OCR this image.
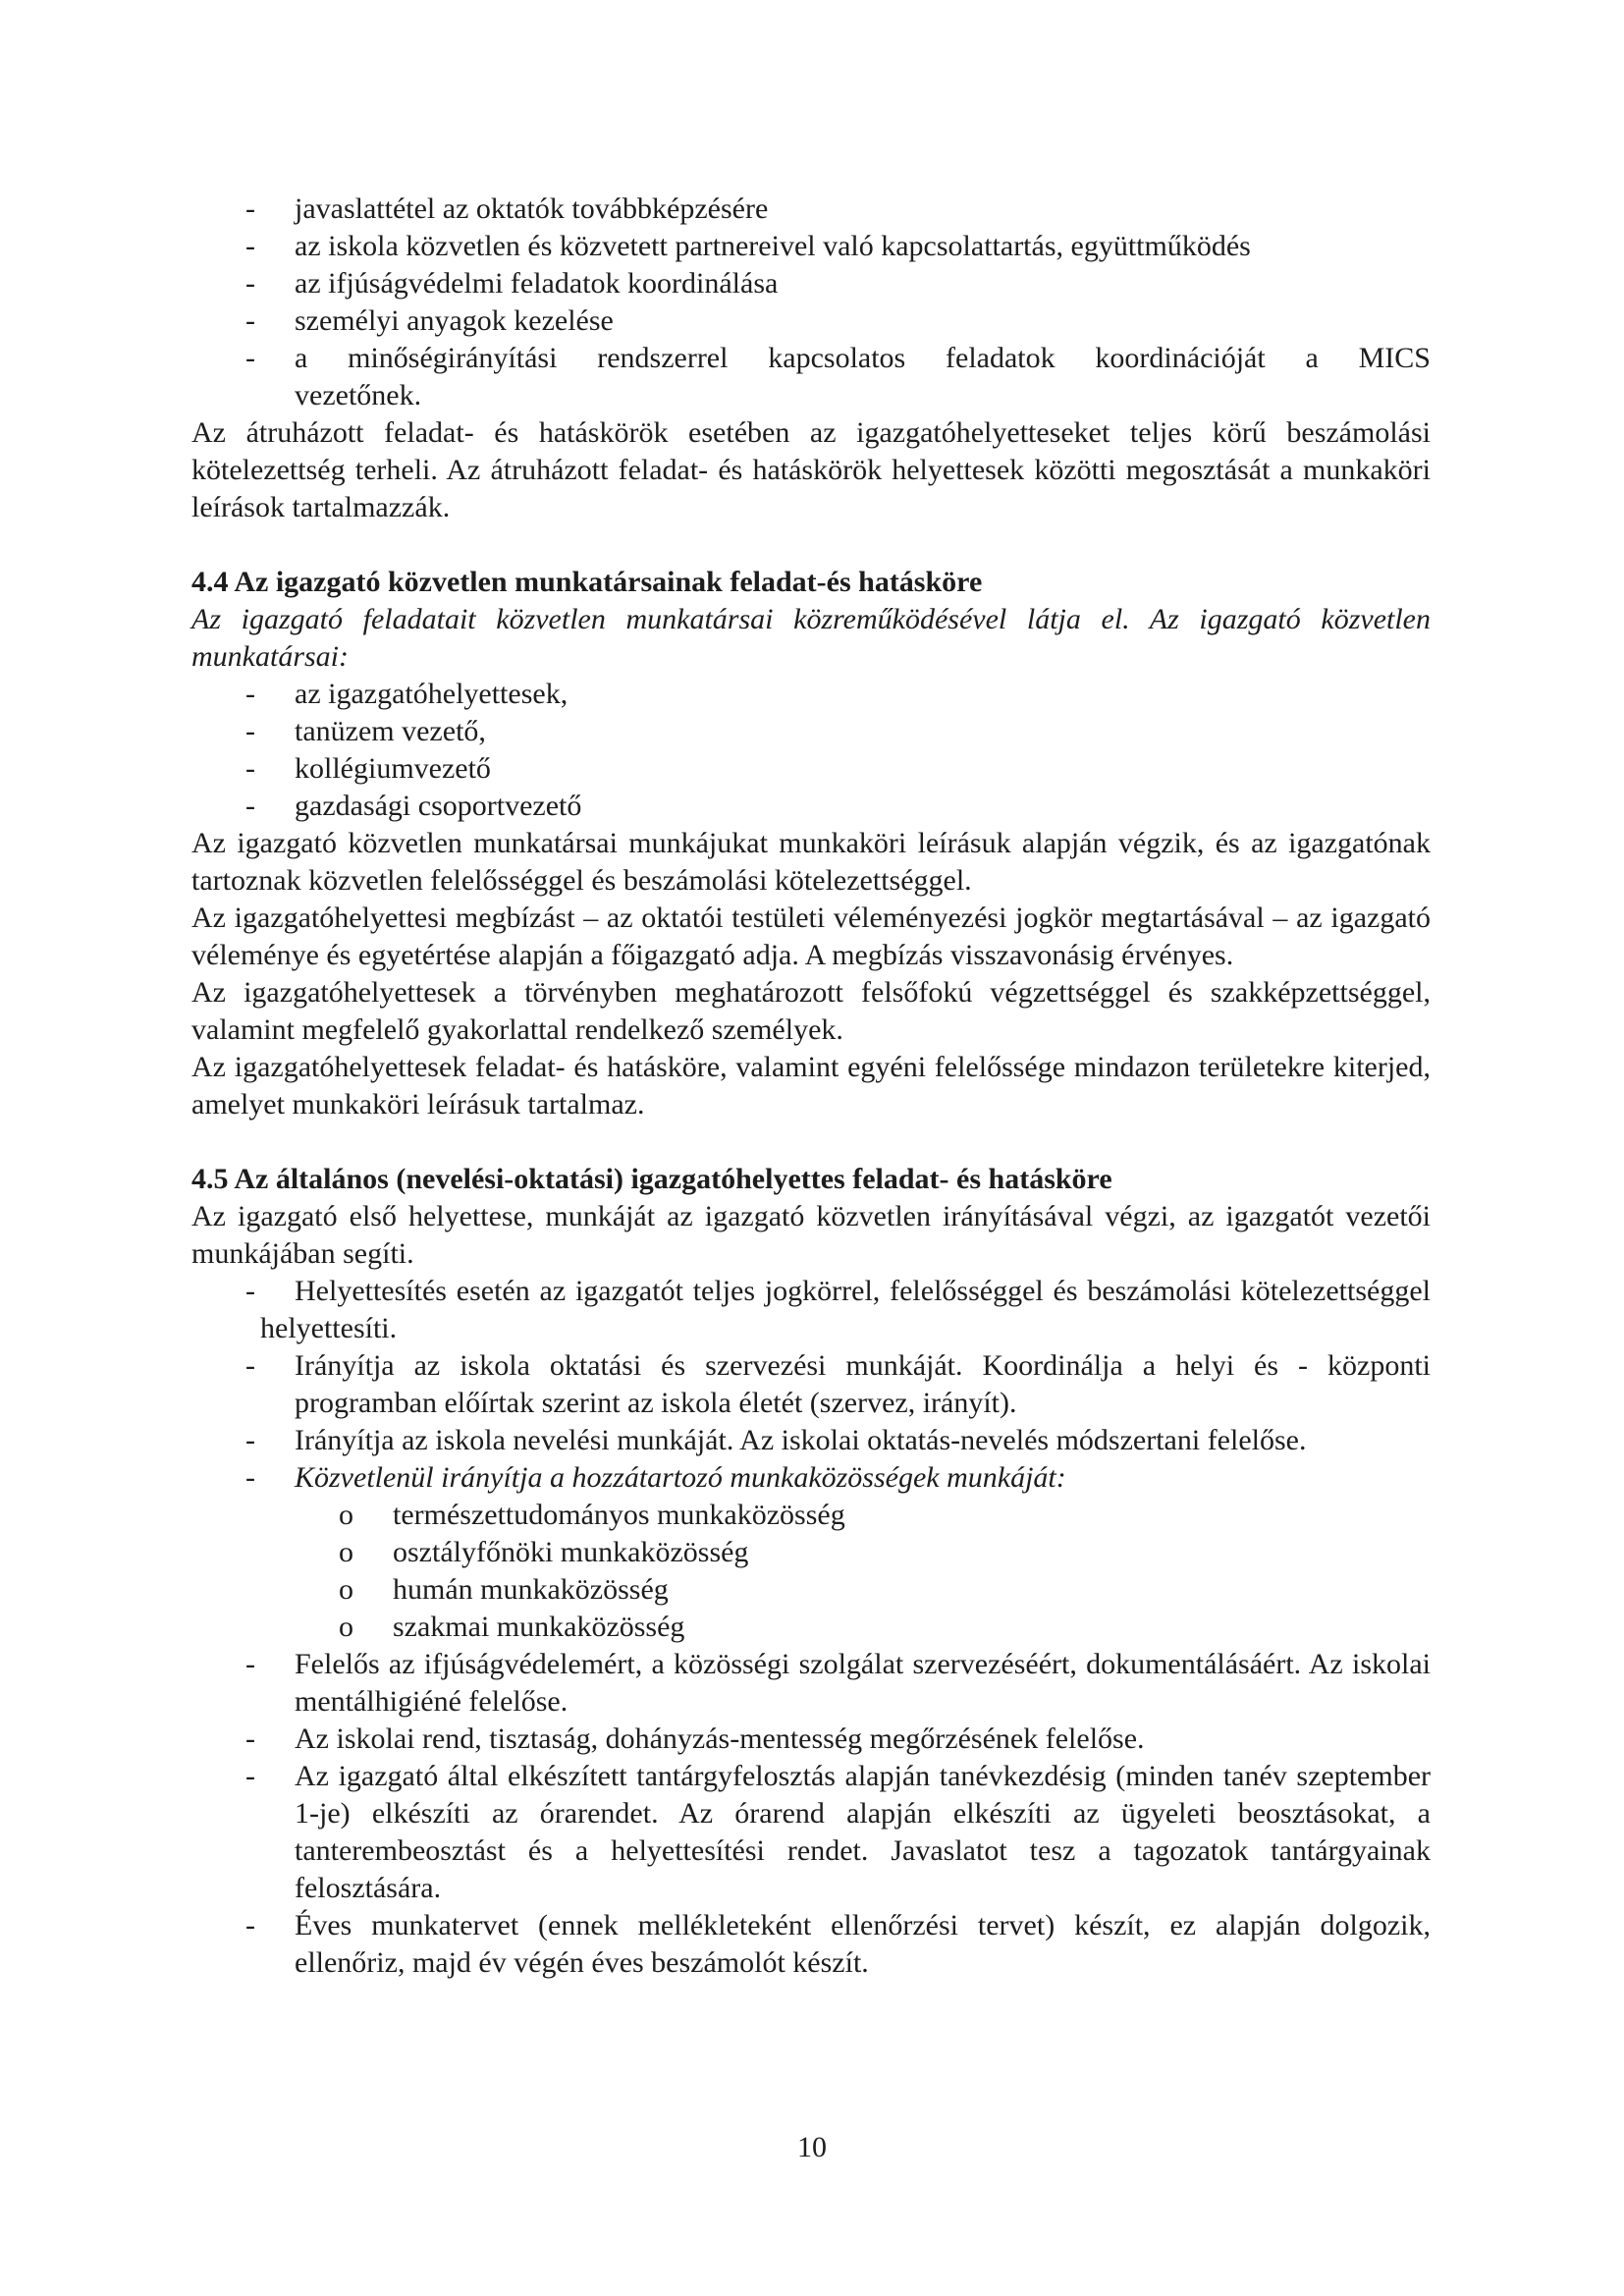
- javaslattétel az oktatók továbbképzésére
- az iskola közvetlen és közvetett partnereivel való kapcsolattartás, együttműködés
- az ifjúságvédelmi feladatok koordinálása
- személyi anyagok kezelése
- a minőségirányítási rendszerrel kapcsolatos feladatok koordinációját a MICS
vezetőnek.

Az átruházott feladat- és hatáskörök esetében az igazgatóhelyetteseket teljes körű beszámolási kötelezettség terheli. Az átruházott feladat- és hatáskörök helyettesek közötti megosztását a munkaköri leírások tartalmazzák.

4.4 Az igazgató közvetlen munkatársainak feladat-és hatásköre

Az igazgató feladatait közvetlen munkatársai közreműködésével látja el. Az igazgató közvetlen munkatársai:

- az igazgatóhelyettesek,
- tanüzem vezető,
- kollégiumvezető
- gazdasági csoportvezető

Az igazgató közvetlen munkatársai munkájukat munkaköri leírásuk alapján végzik, és az igazgatónak tartoznak közvetlen felelősséggel és beszámolási kötelezettséggel.

Az igazgatóhelyettesi megbízást – az oktatói testületi véleményezési jogkör megtartásával – az igazgató véleménye és egyetértése alapján a főigazgató adja. A megbízás visszavonásig érvényes.

Az igazgatóhelyettesek a törvényben meghatározott felsőfokú végzettséggel és szakképzettséggel, valamint megfelelő gyakorlattal rendelkező személyek.

Az igazgatóhelyettesek feladat- és hatásköre, valamint egyéni felelőssége mindazon területekre kiterjed, amelyet munkaköri leírásuk tartalmaz.

4.5 Az általános (nevelési-oktatási) igazgatóhelyettes feladat- és hatásköre

Az igazgató első helyettese, munkáját az igazgató közvetlen irányításával végzi, az igazgatót vezetői munkájában segíti.

- Helyettesítés esetén az igazgatót teljes jogkörrel, felelősséggel és beszámolási kötelezettséggel helyettesíti.
- Irányítja az iskola oktatási és szervezési munkáját. Koordinálja a helyi és - központi programban előírtak szerint az iskola életét (szervez, irányít).
- Irányítja az iskola nevelési munkáját. Az iskolai oktatás-nevelés módszertani felelőse.
- Közvetlenül irányítja a hozzátartozó munkaközösségek munkáját:
o természettudományos munkaközösség
o osztályfőnöki munkaközösség
o humán munkaközösség
o szakmai munkaközösség
- Felelős az ifjúságvédelemért, a közösségi szolgálat szervezéséért, dokumentálásáért. Az iskolai mentálhigiéné felelőse.
- Az iskolai rend, tisztaság, dohányzás-mentesség megőrzésének felelőse.
- Az igazgató által elkészített tantárgyfelosztás alapján tanévkezdésig (minden tanév szeptember 1-je) elkészíti az órarendet. Az órarend alapján elkészíti az ügyeleti beosztásokat, a tanterembeosztást és a helyettesítési rendet. Javaslatot tesz a tagozatok tantárgyainak felosztására.
- Éves munkatervet (ennek mellékleteként ellenőrzési tervet) készít, ez alapján dolgozik, ellenőriz, majd év végén éves beszámolót készít.
10
